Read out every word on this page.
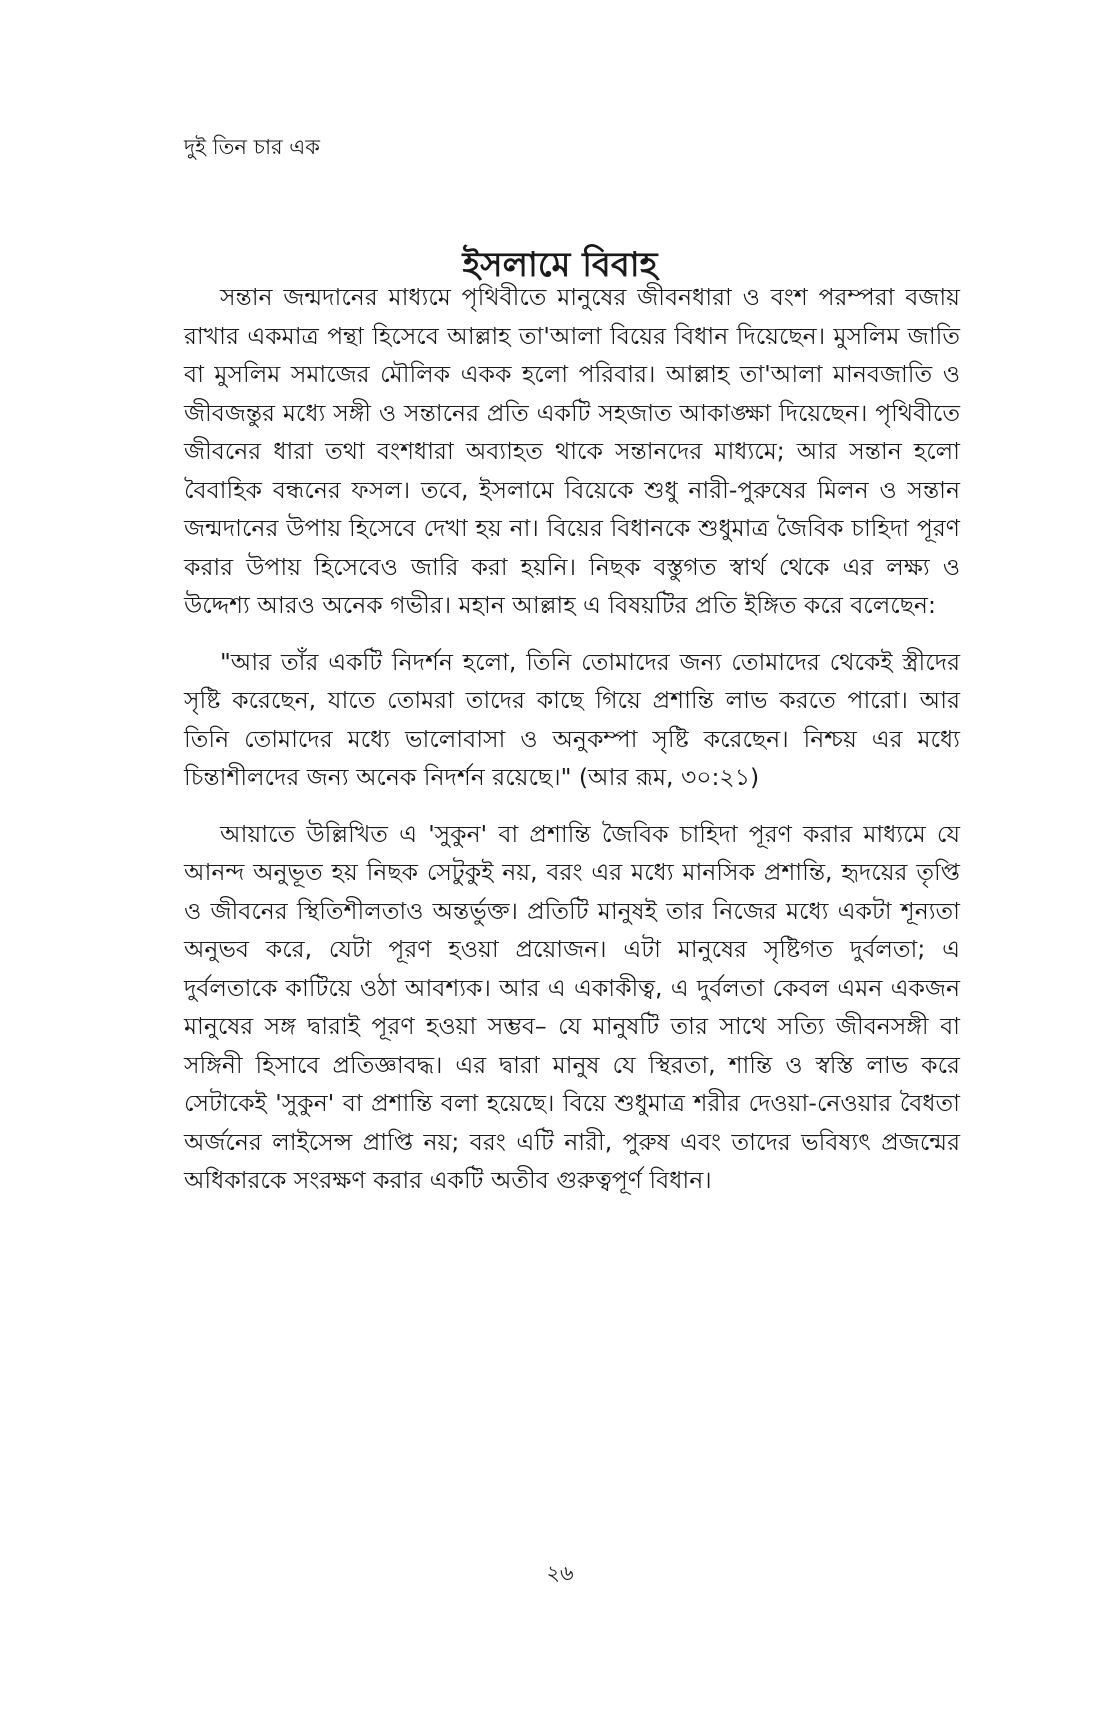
দুই তিন চার এক
ইসলামে বিবাহ

সন্তান জন্মদানের মাধ্যমে পৃথিবীতে মানুষের জীবনধারা ও বংশ পরম্পরা বজায় রাখার একমাত্র পন্থা হিসেবে আল্লাহ তা'আলা বিয়ের বিধান দিয়েছেন। মুসলিম জাতি বা মুসলিম সমাজের মৌলিক একক হলো পরিবার। আল্লাহ তা'আলা মানবজাতি ও জীবজন্তুর মধ্যে সঙ্গী ও সন্তানের প্রতি একটি সহজাত আকাঙ্ক্ষা দিয়েছেন। পৃথিবীতে জীবনের ধারা তথা বংশধারা অব্যাহত থাকে সন্তানদের মাধ্যমে; আর সন্তান হলো বৈবাহিক বন্ধনের ফসল। তবে, ইসলামে বিয়েকে শুধু নারী-পুরুষের মিলন ও সন্তান জন্মদানের উপায় হিসেবে দেখা হয় না। বিয়ের বিধানকে শুধুমাত্র জৈবিক চাহিদা পূরণ করার উপায় হিসেবেও জারি করা হয়নি। নিছক বস্তুগত স্বার্থ থেকে এর লক্ষ্য ও উদ্দেশ্য আরও অনেক গভীর। মহান আল্লাহ এ বিষয়টির প্রতি ইঙ্গিত করে বলেছেন:

"আর তাঁর একটি নিদর্শন হলো, তিনি তোমাদের জন্য তোমাদের থেকেই স্ত্রীদের সৃষ্টি করেছেন, যাতে তোমরা তাদের কাছে গিয়ে প্রশান্তি লাভ করতে পারো। আর তিনি তোমাদের মধ্যে ভালোবাসা ও অনুকম্পা সৃষ্টি করেছেন। নিশ্চয় এর মধ্যে চিন্তাশীলদের জন্য অনেক নিদর্শন রয়েছে।" (আর রূম, ৩০:২১)

আয়াতে উল্লিখিত এ 'সুকুন' বা প্রশান্তি জৈবিক চাহিদা পূরণ করার মাধ্যমে যে আনন্দ অনুভূত হয় নিছক সেটুকুই নয়, বরং এর মধ্যে মানসিক প্রশান্তি, হৃদয়ের তৃপ্তি ও জীবনের স্থিতিশীলতাও অন্তর্ভুক্ত। প্রতিটি মানুষই তার নিজের মধ্যে একটা শূন্যতা অনুভব করে, যেটা পূরণ হওয়া প্রয়োজন। এটা মানুষের সৃষ্টিগত দুর্বলতা; এ দুর্বলতাকে কাটিয়ে ওঠা আবশ্যক। আর এ একাকীত্ব, এ দুর্বলতা কেবল এমন একজন মানুষের সঙ্গ দ্বারাই পূরণ হওয়া সম্ভব– যে মানুষটি তার সাথে সত্যি জীবনসঙ্গী বা সঙ্গিনী হিসাবে প্রতিজ্ঞাবদ্ধ। এর দ্বারা মানুষ যে স্থিরতা, শান্তি ও স্বস্তি লাভ করে সেটাকেই 'সুকুন' বা প্রশান্তি বলা হয়েছে। বিয়ে শুধুমাত্র শরীর দেওয়া-নেওয়ার বৈধতা অর্জনের লাইসেন্স প্রাপ্তি নয়; বরং এটি নারী, পুরুষ এবং তাদের ভবিষ্যৎ প্রজন্মের অধিকারকে সংরক্ষণ করার একটি অতীব গুরুত্বপূর্ণ বিধান।

২৬
